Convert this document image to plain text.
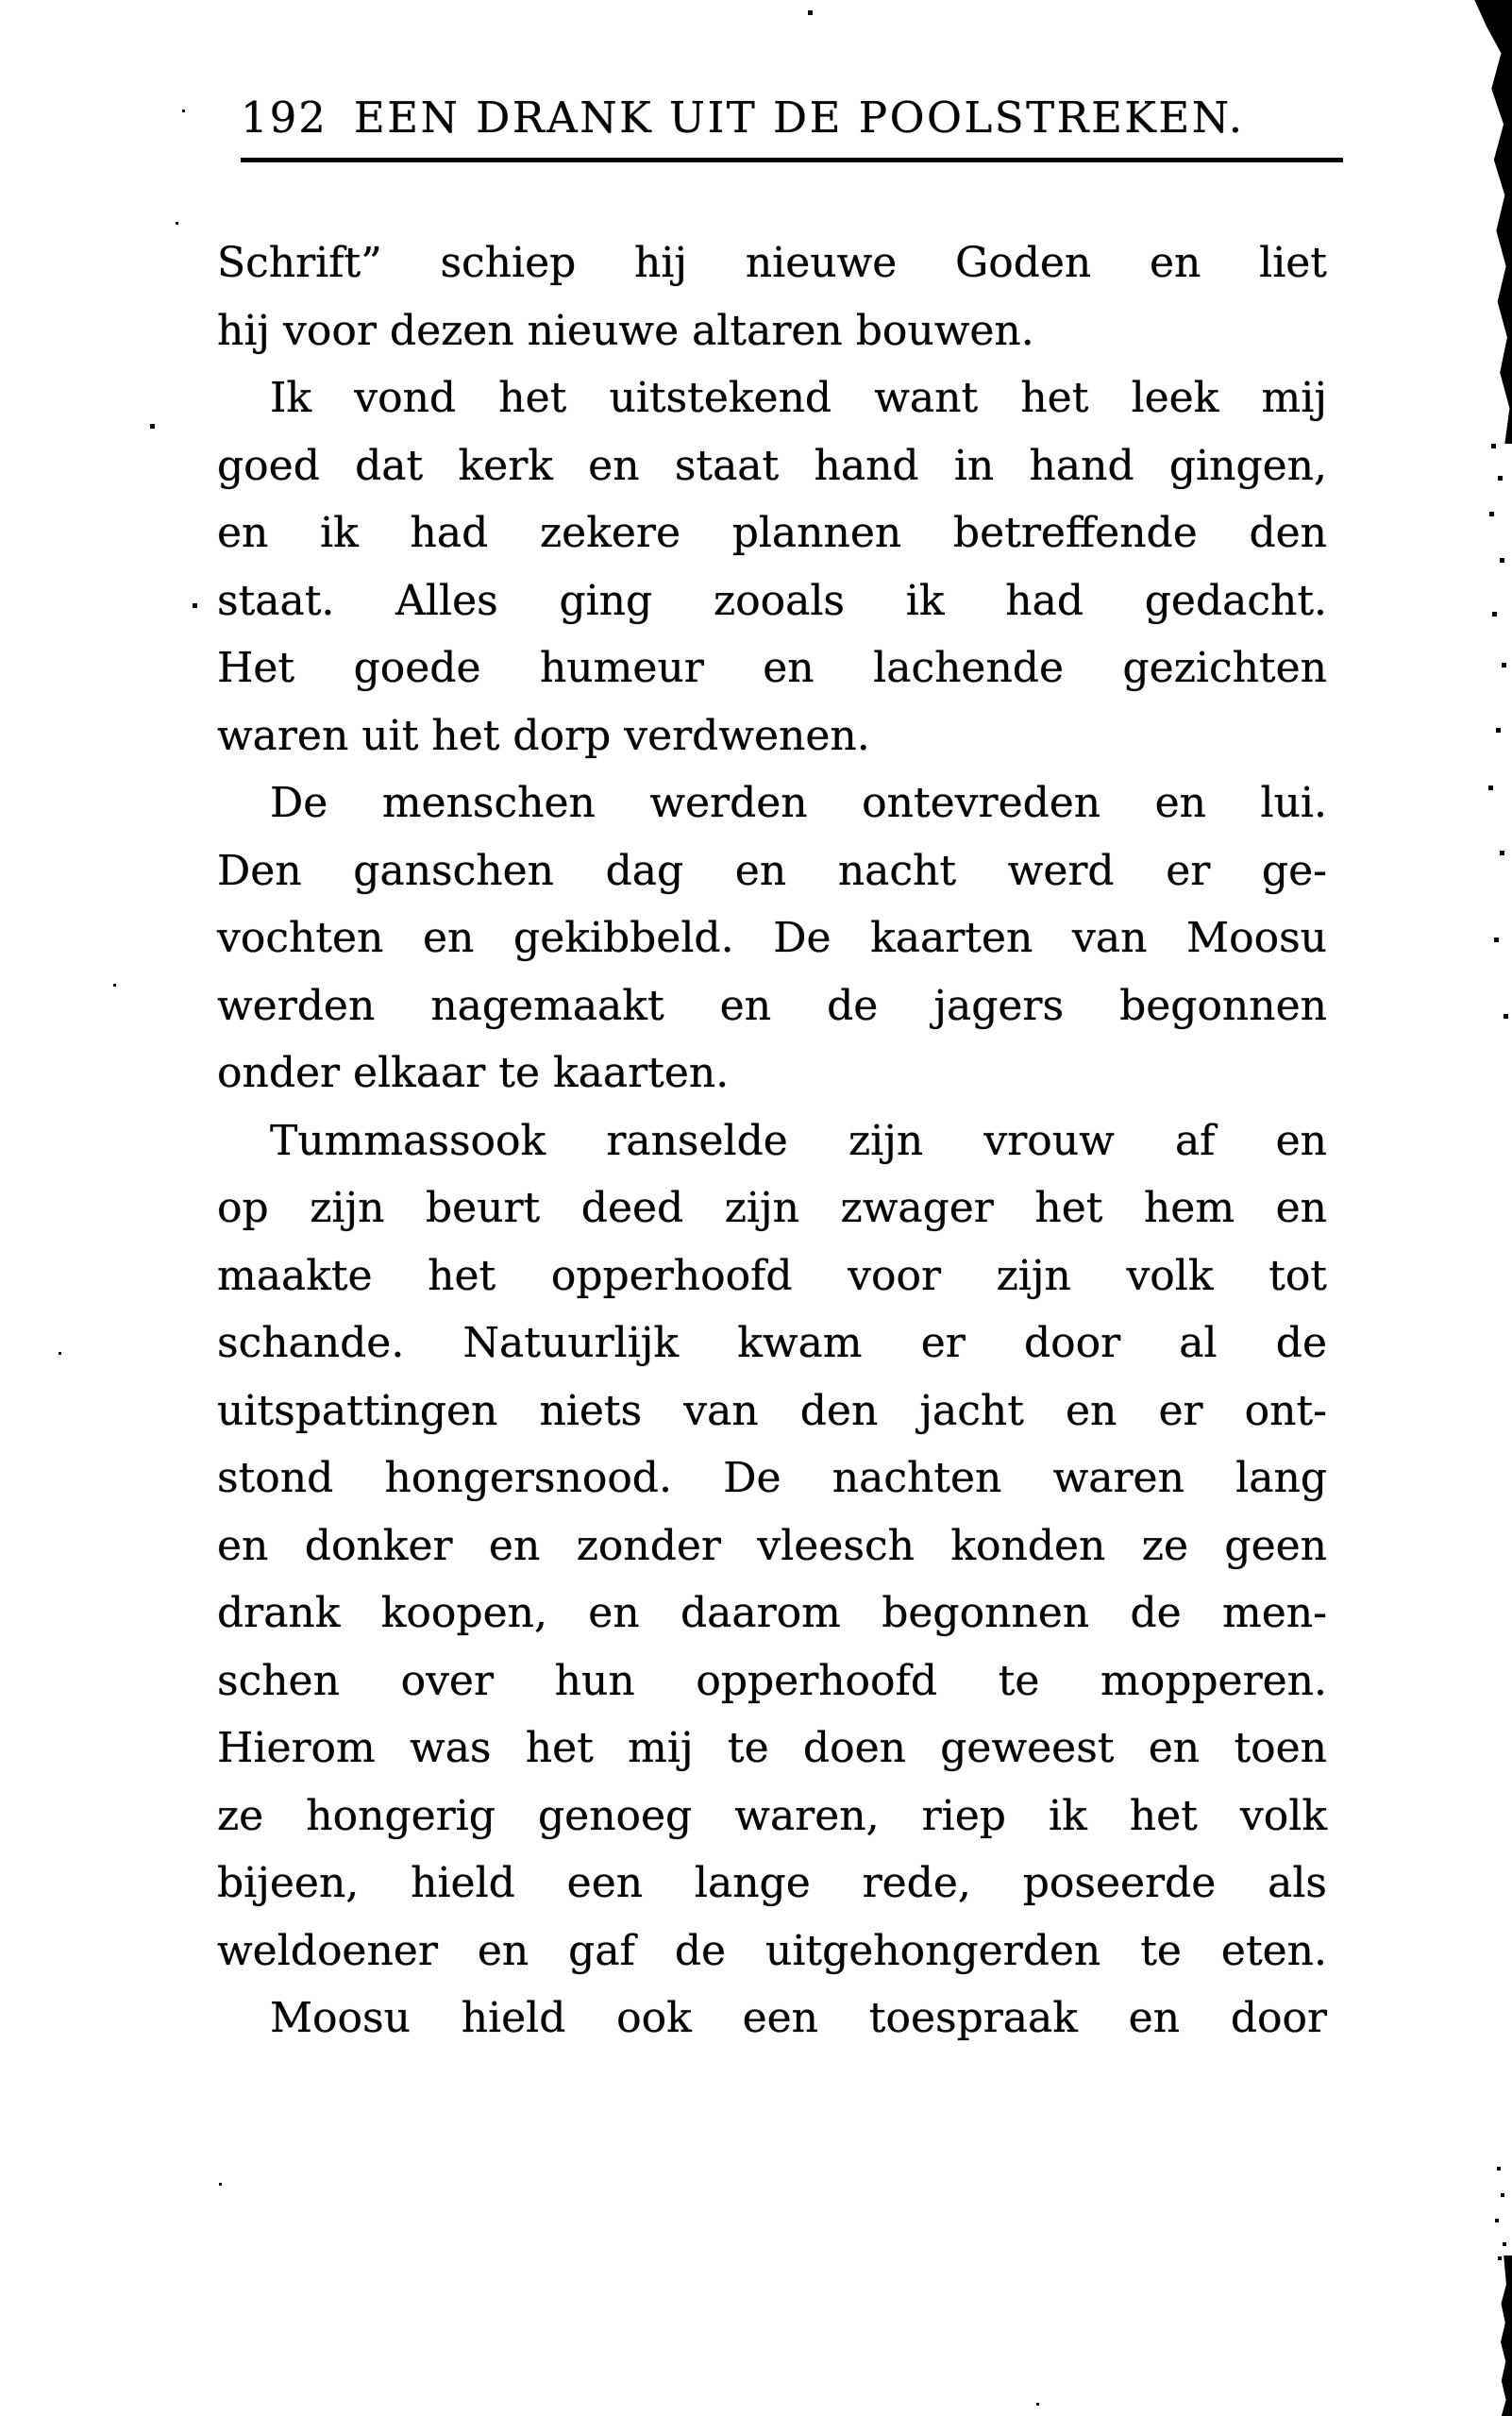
192 EEN DRANK UIT DE POOLSTREKEN.
Schrift” schiep hij nieuwe Goden en liet
hij voor dezen nieuwe altaren bouwen.
Ik vond het uitstekend want het leek mij
goed dat kerk en staat hand in hand gingen,
en ik had zekere plannen betreffende den
staat. Alles ging zooals ik had gedacht.
Het goede humeur en lachende gezichten
waren uit het dorp verdwenen.
De menschen werden ontevreden en lui.
Den ganschen dag en nacht werd er ge-
vochten en gekibbeld. De kaarten van Moosu
werden nagemaakt en de jagers begonnen
onder elkaar te kaarten.
Tummassook ranselde zijn vrouw af en
op zijn beurt deed zijn zwager het hem en
maakte het opperhoofd voor zijn volk tot
schande. Natuurlijk kwam er door al de
uitspattingen niets van den jacht en er ont-
stond hongersnood. De nachten waren lang
en donker en zonder vleesch konden ze geen
drank koopen, en daarom begonnen de men-
schen over hun opperhoofd te mopperen.
Hierom was het mij te doen geweest en toen
ze hongerig genoeg waren, riep ik het volk
bijeen, hield een lange rede, poseerde als
weldoener en gaf de uitgehongerden te eten.
Moosu hield ook een toespraak en door
